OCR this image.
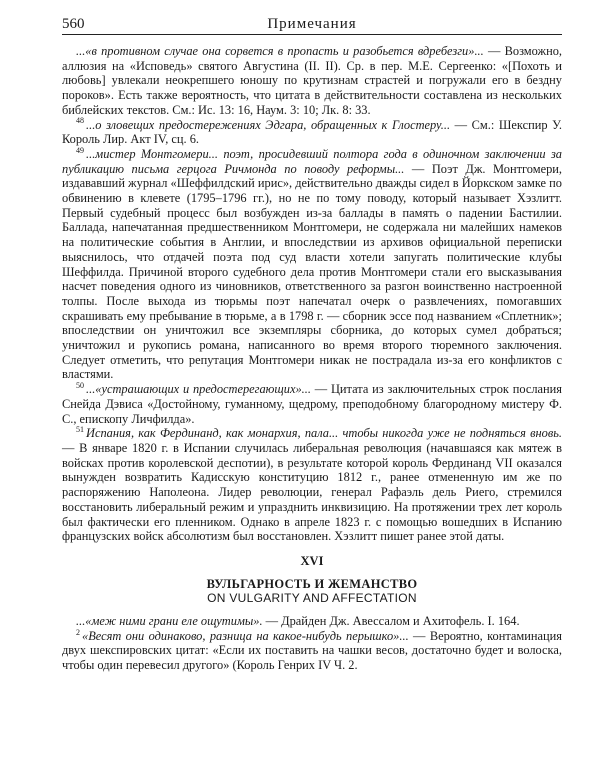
560	Примечания

...«в противном случае она сорвется в пропасть и разобьется вдребезги»... — Возможно, аллюзия на «Исповедь» святого Августина (II. II). Ср. в пер. М.Е. Сергеенко: «[Похоть и любовь] увлекали неокрепшего юношу по крутизнам страстей и погружали его в бездну пороков». Есть также вероятность, что цитата в действительности составлена из нескольких библейских текстов. См.: Ис. 13: 16, Наум. 3: 10; Лк. 8: 33.

$^{48}$ ...о зловещих предостережениях Эдгара, обращенных к Глостеру... — См.: Шекспир У. Король Лир. Акт IV, сц. 6.

$^{49}$ ...мистер Монтгомери... поэт, просидевший полтора года в одиночном заключении за публикацию письма герцога Ричмонда по поводу реформы... — Поэт Дж. Монтгомери, издававший журнал «Шеффилдский ирис», действительно дважды сидел в Йоркском замке по обвинению в клевете (1795–1796 гг.), но не по тому поводу, который называет Хэзлитт. Первый судебный процесс был возбужден из-за баллады в память о падении Бастилии. Баллада, напечатанная предшественником Монтгомери, не содержала ни малейших намеков на политические события в Англии, и впоследствии из архивов официальной переписки выяснилось, что отдачей поэта под суд власти хотели запугать политические клубы Шеффилда. Причиной второго судебного дела против Монтгомери стали его высказывания насчет поведения одного из чиновников, ответственного за разгон воинственно настроенной толпы. После выхода из тюрьмы поэт напечатал очерк о развлечениях, помогавших скрашивать ему пребывание в тюрьме, а в 1798 г. — сборник эссе под названием «Сплетник»; впоследствии он уничтожил все экземпляры сборника, до которых сумел добраться; уничтожил и рукопись романа, написанного во время второго тюремного заключения. Следует отметить, что репутация Монтгомери никак не пострадала из-за его конфликтов с властями.

$^{50}$ ...«устрашающих и предостерегающих»... — Цитата из заключительных строк послания Снейда Дэвиса «Достойному, гуманному, щедрому, преподобному благородному мистеру Ф. С., епископу Личфилда».

$^{51}$ Испания, как Фердинанд, как монархия, пала... чтобы никогда уже не подняться вновь. — В январе 1820 г. в Испании случилась либеральная революция (начавшаяся как мятеж в войсках против королевской деспотии), в результате которой король Фердинанд VII оказался вынужден возвратить Кадисскую конституцию 1812 г., ранее отмененную им же по распоряжению Наполеона. Лидер революции, генерал Рафаэль дель Риего, стремился восстановить либеральный режим и упразднить инквизицию. На протяжении трех лет король был фактически его пленником. Однако в апреле 1823 г. с помощью вошедших в Испанию французских войск абсолютизм был восстановлен. Хэзлитт пишет ранее этой даты.

XVI

ВУЛЬГАРНОСТЬ И ЖЕМАНСТВО

ON VULGARITY AND AFFECTATION

...«меж ними грани еле ощутимы». — Драйден Дж. Авессалом и Ахитофель. I. 164.

$^2$ «Весят они одинаково, разница на какое-нибудь перышко»... — Вероятно, контаминация двух шекспировских цитат: «Если их поставить на чашки весов, достаточно будет и волоска, чтобы один перевесил другого» (Король Генрих IV Ч. 2.
